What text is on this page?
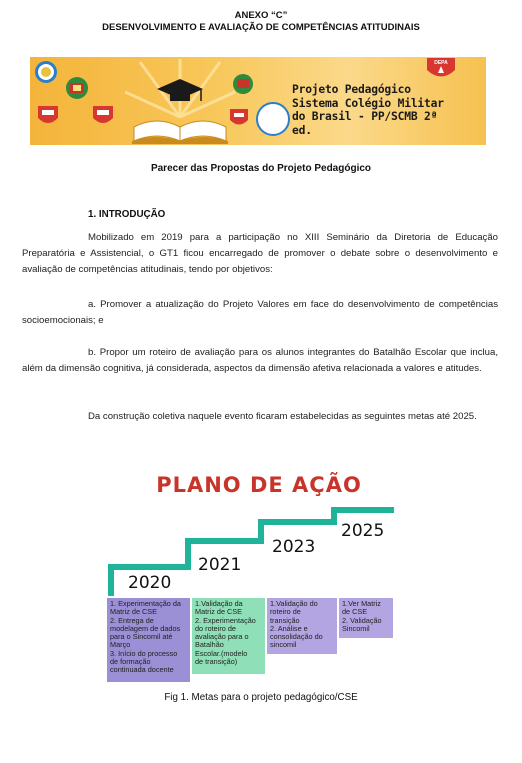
ANEXO “C”
DESENVOLVIMENTO E AVALIAÇÃO DE COMPETÊNCIAS ATITUDINAIS
DEPA
Projeto Pedagógico
Sistema Colégio Militar
do Brasil - PP/SCMB 2ª
ed.
Parecer das Propostas do Projeto Pedagógico
1. INTRODUÇÃO
Mobilizado em 2019 para a participação no XIII Seminário da Diretoria de Educação Preparatória e Assistencial, o GT1 ficou encarregado de promover o debate sobre o desenvolvimento e avaliação de competências atitudinais, tendo por objetivos:
a. Promover a atualização do Projeto Valores em face do desenvolvimento de competências socioemocionais; e
b. Propor um roteiro de avaliação para os alunos integrantes do Batalhão Escolar que inclua, além da dimensão cognitiva, já considerada, aspectos da dimensão afetiva relacionada a valores e atitudes.
Da construção coletiva naquele evento ficaram estabelecidas as seguintes metas até 2025.
PLANO DE AÇÃO
2020
2021
2023
2025
1. Experimentação da
Matriz de CSE
2. Entrega de
modelagem de dados
para o Sincomil até
Março
3. Início do processo
de formação
continuada docente
1.Validação da
Matriz de CSE
2. Experimentação
do roteiro de
avaliação para o
Batalhão
Escolar.(modelo
de transição)
1.Validação do
roteiro de
transição
2. Análise e
consolidação do
sincomil
1.Ver Matriz
de CSE
2. Validação
Sincomil
Fig 1. Metas para o projeto pedagógico/CSE
